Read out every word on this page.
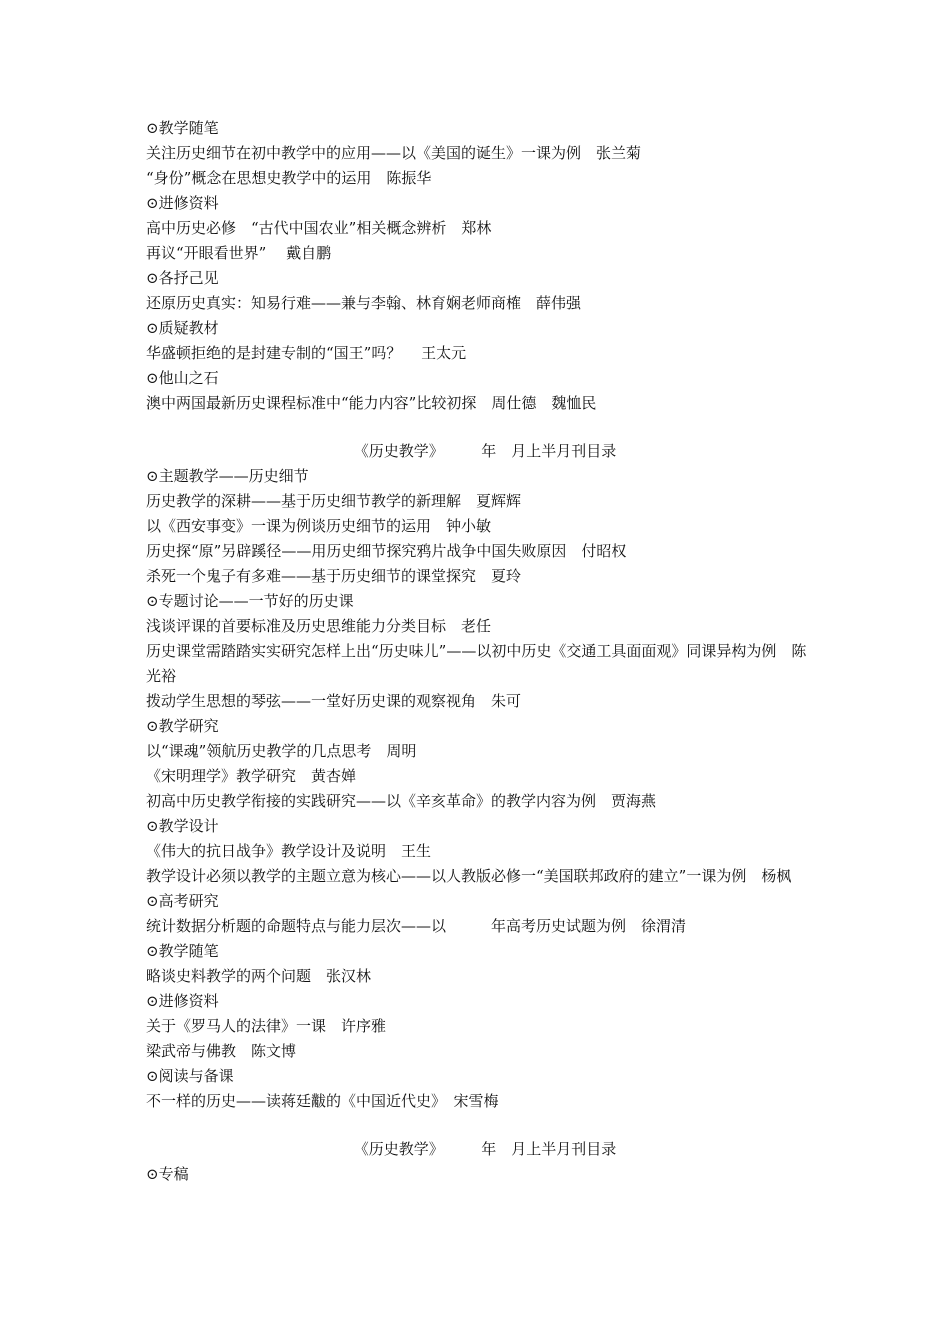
⊙教学随笔
关注历史细节在初中教学中的应用——以《美国的诞生》一课为例　张兰菊
“身份”概念在思想史教学中的运用　陈振华
⊙进修资料
高中历史必修　“古代中国农业”相关概念辨析　郑林
再议“开眼看世界”　 戴自鹏
⊙各抒己见
还原历史真实：知易行难——兼与李翰、林育娴老师商榷　薛伟强
⊙质疑教材
华盛顿拒绝的是封建专制的“国王”吗？　 王太元
⊙他山之石
澳中两国最新历史课程标准中“能力内容”比较初探　周仕德　魏恤民
《历史教学》　　　年　月上半月刊目录
⊙主题教学——历史细节
历史教学的深耕——基于历史细节教学的新理解　夏辉辉
以《西安事变》一课为例谈历史细节的运用　钟小敏
历史探“原”另辟蹊径——用历史细节探究鸦片战争中国失败原因　付昭权
杀死一个鬼子有多难——基于历史细节的课堂探究　夏玲
⊙专题讨论——一节好的历史课
浅谈评课的首要标准及历史思维能力分类目标　老任
历史课堂需踏踏实实研究怎样上出“历史味儿”——以初中历史《交通工具面面观》同课异构为例　陈光裕
拨动学生思想的琴弦——一堂好历史课的观察视角　朱可
⊙教学研究
以“课魂”领航历史教学的几点思考　周明
《宋明理学》教学研究　黄杏婵
初高中历史教学衔接的实践研究——以《辛亥革命》的教学内容为例　贾海燕
⊙教学设计
《伟大的抗日战争》教学设计及说明　王生
教学设计必须以教学的主题立意为核心——以人教版必修一“美国联邦政府的建立”一课为例　杨枫
⊙高考研究
统计数据分析题的命题特点与能力层次——以　　　年高考历史试题为例　徐渭清
⊙教学随笔
略谈史料教学的两个问题　张汉林
⊙进修资料
关于《罗马人的法律》一课　许序雅
梁武帝与佛教　陈文博
⊙阅读与备课
不一样的历史——读蒋廷黻的《中国近代史》　宋雪梅
《历史教学》　　　年　月上半月刊目录
⊙专稿
